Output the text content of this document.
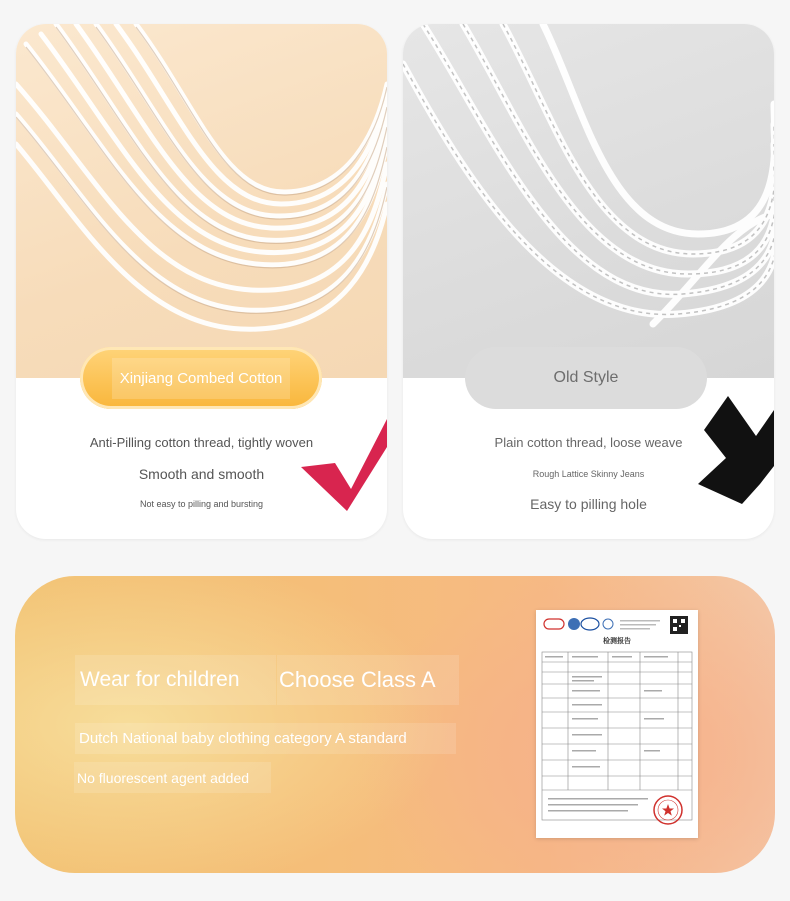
Xinjiang Combed Cotton
Anti-Pilling cotton thread, tightly woven
Smooth and smooth
Not easy to pilling and bursting
Old Style
Plain cotton thread, loose weave
Rough Lattice Skinny Jeans
Easy to pilling hole
Wear for children Choose Class A
Dutch National baby clothing category A standard
No fluorescent agent added
检测报告
